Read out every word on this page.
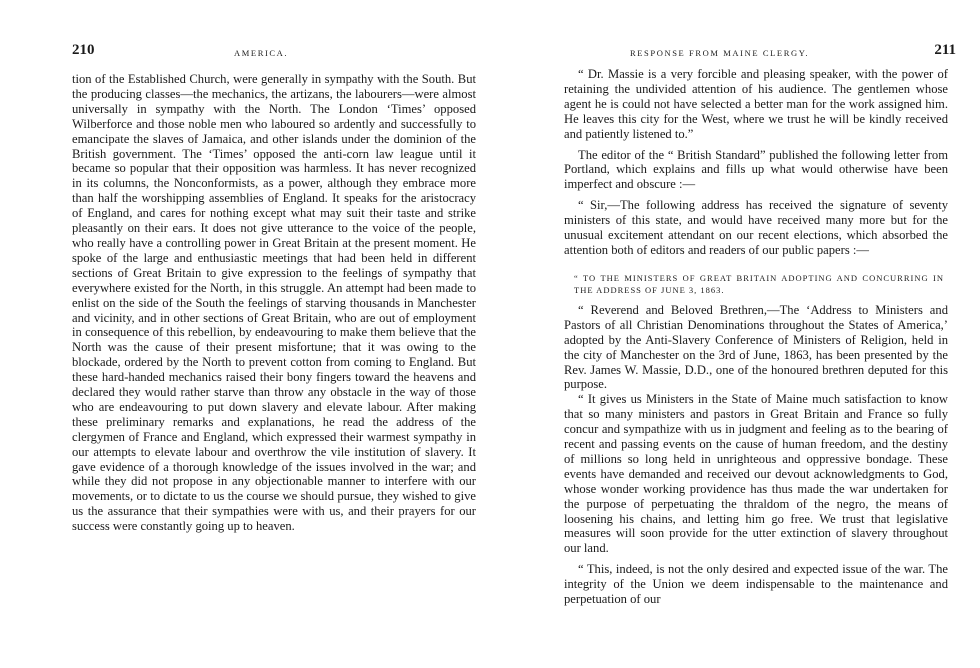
210	AMERICA.

tion of the Established Church, were generally in sympathy with the South. But the producing classes—the mechanics, the artizans, the labourers—were almost universally in sympathy with the North. The London ‘Times’ opposed Wilberforce and those noble men who laboured so ardently and successfully to emancipate the slaves of Jamaica, and other islands under the dominion of the British government. The ‘Times’ opposed the anti-corn law league until it became so popular that their opposition was harmless. It has never recognized in its columns, the Nonconformists, as a power, although they embrace more than half the worshipping assemblies of England. It speaks for the aristocracy of England, and cares for nothing except what may suit their taste and strike pleasantly on their ears. It does not give utterance to the voice of the people, who really have a controlling power in Great Britain at the present moment. He spoke of the large and enthusiastic meetings that had been held in different sections of Great Britain to give expression to the feelings of sympathy that everywhere existed for the North, in this struggle. An attempt had been made to enlist on the side of the South the feelings of starving thousands in Manchester and vicinity, and in other sections of Great Britain, who are out of employment in consequence of this rebellion, by endeavouring to make them believe that the North was the cause of their present misfortune; that it was owing to the blockade, ordered by the North to prevent cotton from coming to England. But these hard-handed mechanics raised their bony fingers toward the heavens and declared they would rather starve than throw any obstacle in the way of those who are endeavouring to put down slavery and elevate labour. After making these preliminary remarks and explanations, he read the address of the clergymen of France and England, which expressed their warmest sympathy in our attempts to elevate labour and overthrow the vile institution of slavery. It gave evidence of a thorough knowledge of the issues involved in the war; and while they did not propose in any objectionable manner to interfere with our movements, or to dictate to us the course we should pursue, they wished to give us the assurance that their sympathies were with us, and their prayers for our success were constantly going up to heaven.

RESPONSE FROM MAINE CLERGY.	211

“ Dr. Massie is a very forcible and pleasing speaker, with the power of retaining the undivided attention of his audience. The gentlemen whose agent he is could not have selected a better man for the work assigned him. He leaves this city for the West, where we trust he will be kindly received and patiently listened to.”

The editor of the “ British Standard” published the following letter from Portland, which explains and fills up what would otherwise have been imperfect and obscure :—

“ Sir,—The following address has received the signature of seventy ministers of this state, and would have received many more but for the unusual excitement attendant on our recent elections, which absorbed the attention both of editors and readers of our public papers :—

“ TO THE MINISTERS OF GREAT BRITAIN ADOPTING AND CONCURRING IN THE ADDRESS OF JUNE 3, 1863.

“ Reverend and Beloved Brethren,—The ‘Address to Ministers and Pastors of all Christian Denominations throughout the States of America,’ adopted by the Anti-Slavery Conference of Ministers of Religion, held in the city of Manchester on the 3rd of June, 1863, has been presented by the Rev. James W. Massie, D.D., one of the honoured brethren deputed for this purpose.

“ It gives us Ministers in the State of Maine much satisfaction to know that so many ministers and pastors in Great Britain and France so fully concur and sympathize with us in judgment and feeling as to the bearing of recent and passing events on the cause of human freedom, and the destiny of millions so long held in unrighteous and oppressive bondage. These events have demanded and received our devout acknowledgments to God, whose wonder working providence has thus made the war undertaken for the purpose of perpetuating the thraldom of the negro, the means of loosening his chains, and letting him go free. We trust that legislative measures will soon provide for the utter extinction of slavery throughout our land.

“ This, indeed, is not the only desired and expected issue of the war. The integrity of the Union we deem indispensable to the maintenance and perpetuation of our
